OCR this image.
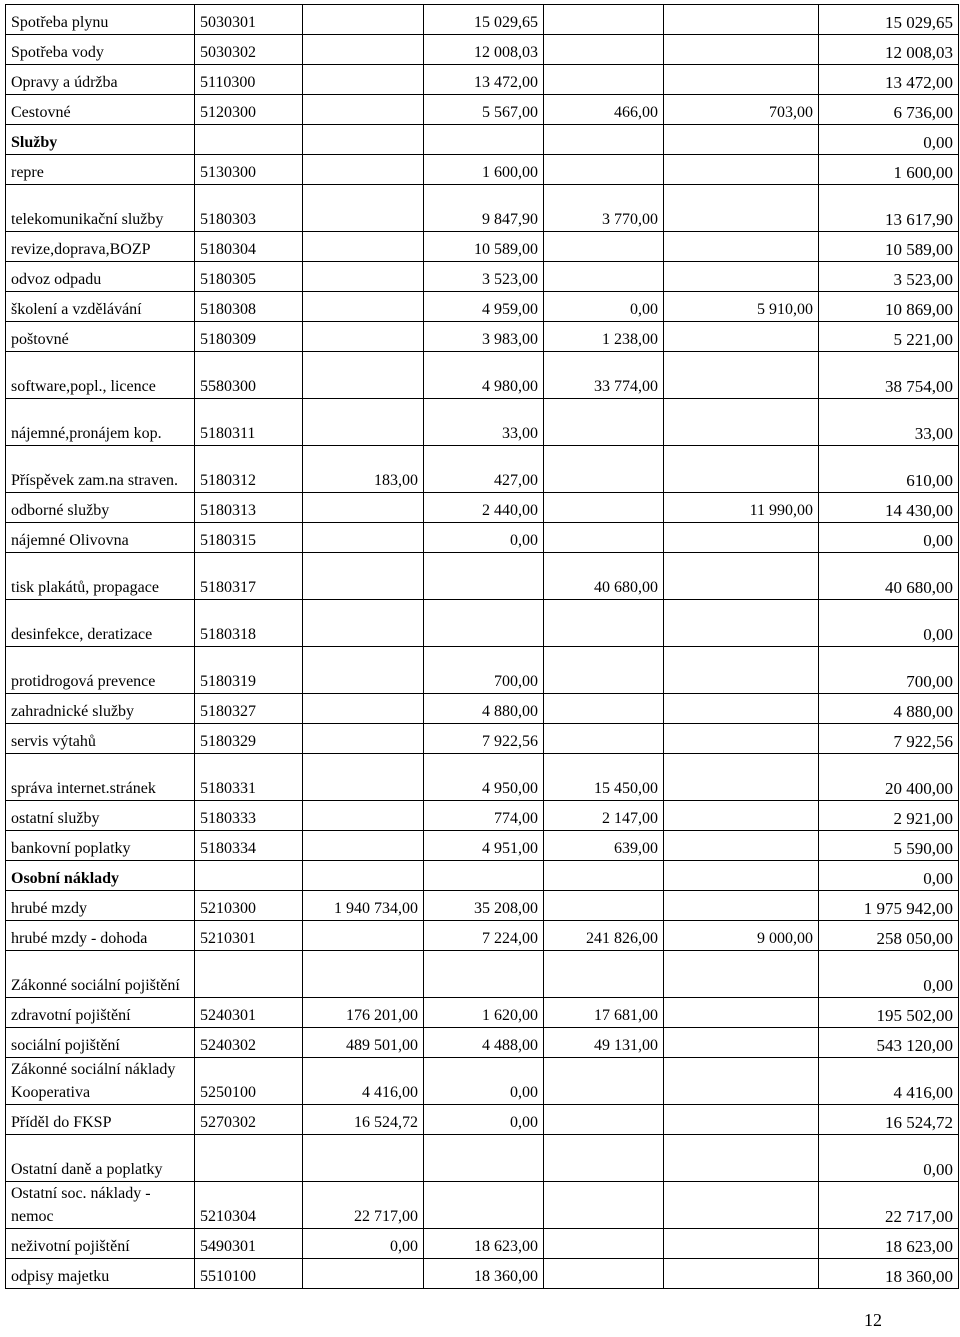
Spotřeba plynu	5030301		15 029,65			15 029,65
Spotřeba vody	5030302		12 008,03			12 008,03
Opravy a údržba	5110300		13 472,00			13 472,00
Cestovné	5120300		5 567,00	466,00	703,00	6 736,00
Služby						0,00
repre	5130300		1 600,00			1 600,00
telekomunikační služby	5180303		9 847,90	3 770,00		13 617,90
revize,doprava,BOZP	5180304		10 589,00			10 589,00
odvoz odpadu	5180305		3 523,00			3 523,00
školení a vzdělávání	5180308		4 959,00	0,00	5 910,00	10 869,00
poštovné	5180309		3 983,00	1 238,00		5 221,00
software,popl., licence	5580300		4 980,00	33 774,00		38 754,00
nájemné,pronájem kop.	5180311		33,00			33,00
Příspěvek zam.na straven.	5180312	183,00	427,00			610,00
odborné služby	5180313		2 440,00		11 990,00	14 430,00
nájemné Olivovna	5180315		0,00			0,00
tisk plakátů, propagace	5180317			40 680,00		40 680,00
desinfekce, deratizace	5180318					0,00
protidrogová prevence	5180319		700,00			700,00
zahradnické služby	5180327		4 880,00			4 880,00
servis výtahů	5180329		7 922,56			7 922,56
správa internet.stránek	5180331		4 950,00	15 450,00		20 400,00
ostatní služby	5180333		774,00	2 147,00		2 921,00
bankovní poplatky	5180334		4 951,00	639,00		5 590,00
Osobní náklady						0,00
hrubé mzdy	5210300	1 940 734,00	35 208,00			1 975 942,00
hrubé mzdy - dohoda	5210301		7 224,00	241 826,00	9 000,00	258 050,00
Zákonné sociální pojištění						0,00
zdravotní pojištění	5240301	176 201,00	1 620,00	17 681,00		195 502,00
sociální pojištění	5240302	489 501,00	4 488,00	49 131,00		543 120,00
Zákonné sociální náklady Kooperativa	5250100	4 416,00	0,00			4 416,00
Příděl do FKSP	5270302	16 524,72	0,00			16 524,72
Ostatní daně a poplatky						0,00
Ostatní soc. náklady - nemoc	5210304	22 717,00				22 717,00
neživotní pojištění	5490301	0,00	18 623,00			18 623,00
odpisy majetku	5510100		18 360,00			18 360,00
12
